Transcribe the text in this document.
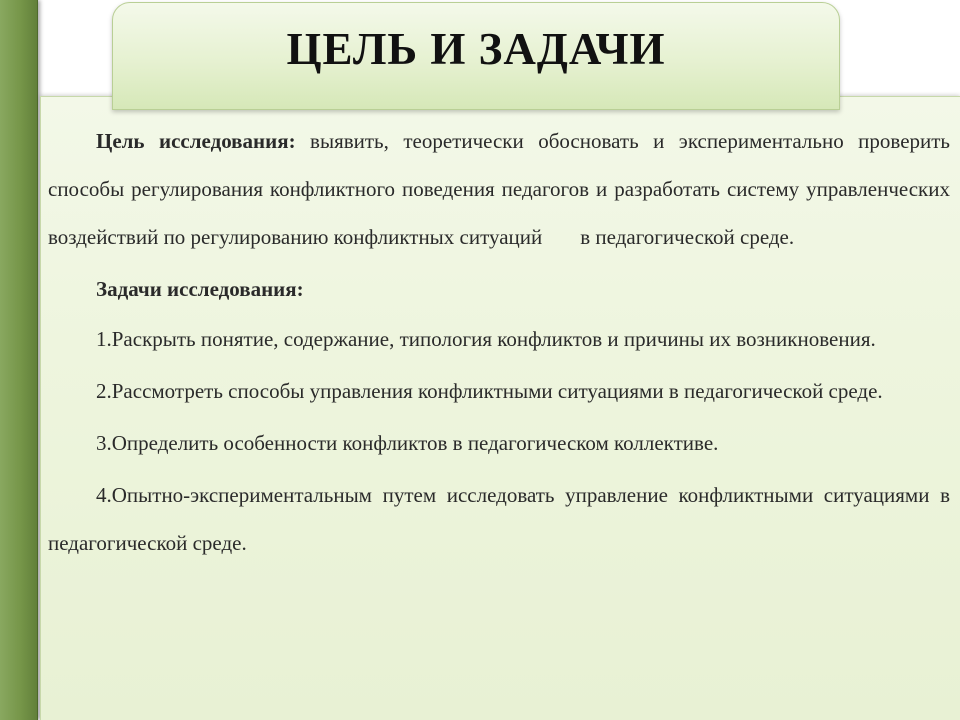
Цель исследования: выявить, теоретически обосновать и экспериментально проверить способы регулирования конфликтного поведения педагогов и разработать систему управленческих воздействий по регулированию конфликтных ситуаций в педагогической среде.

Задачи исследования:

1.Раскрыть понятие, содержание, типология конфликтов и причины их возникновения.

2.Рассмотреть способы управления конфликтными ситуациями в педагогической среде.

3.Определить особенности конфликтов в педагогическом коллективе.

4.Опытно-экспериментальным путем исследовать управление конфликтными ситуациями в педагогической среде.

ЦЕЛЬ И ЗАДАЧИ
